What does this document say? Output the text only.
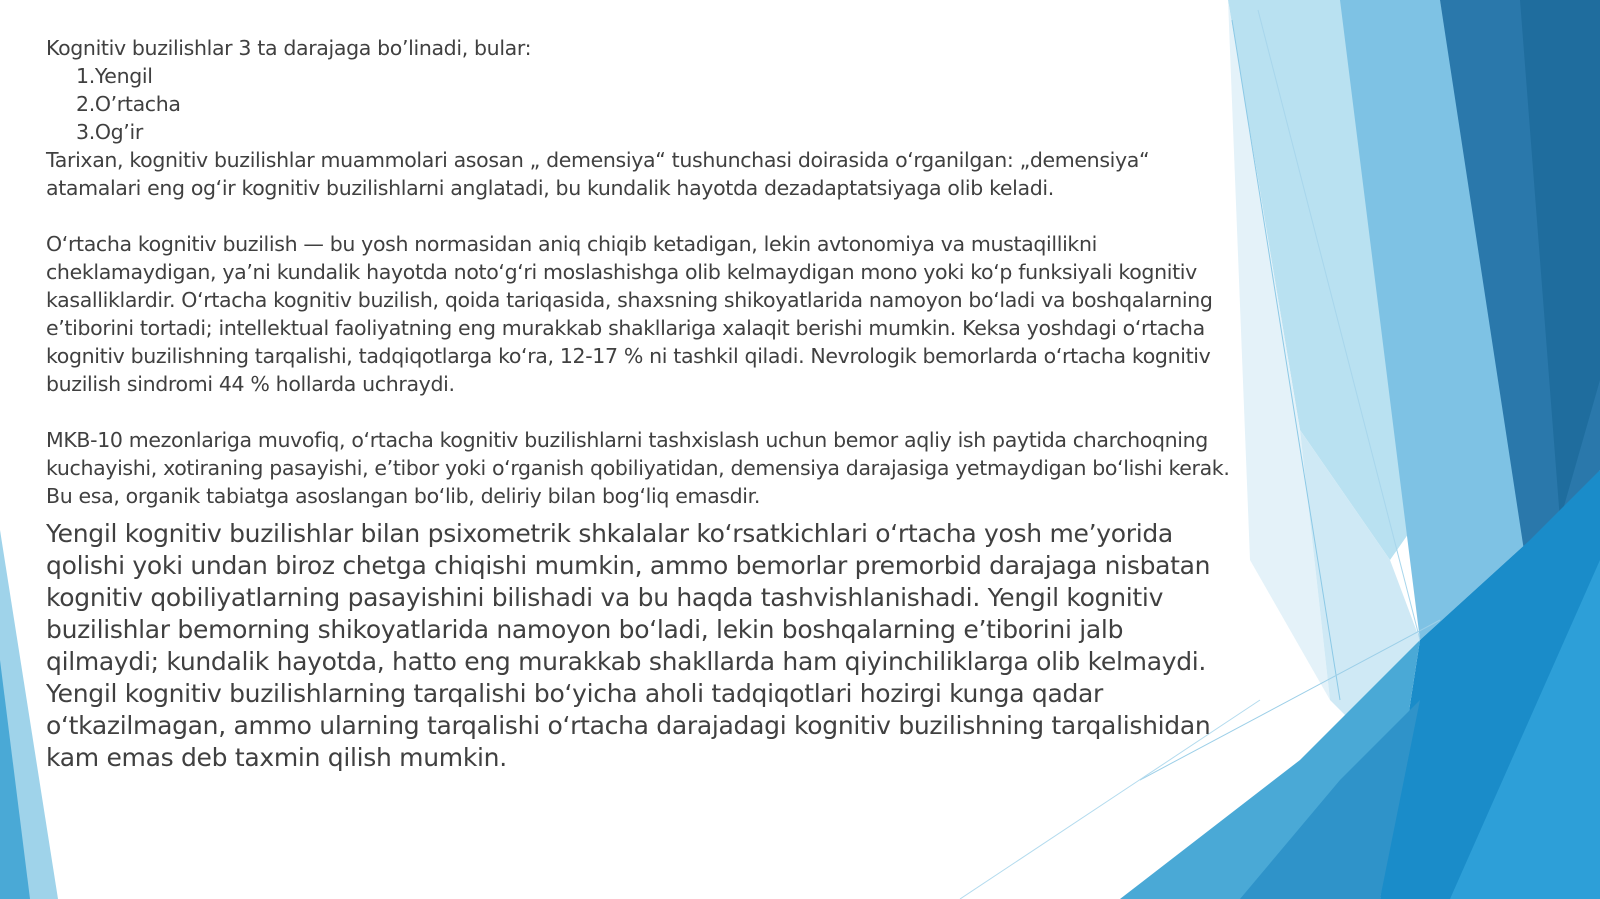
Kognitiv buzilishlar 3 ta darajaga bo’linadi, bular:

1.Yengil

2.O’rtacha

3.Og’ir

Tarixan, kognitiv buzilishlar muammolari asosan „ demensiya“ tushunchasi doirasida o‘rganilgan: „demensiya“ atamalari eng og‘ir kognitiv buzilishlarni anglatadi, bu kundalik hayotda dezadaptatsiyaga olib keladi.

O‘rtacha kognitiv buzilish — bu yosh normasidan aniq chiqib ketadigan, lekin avtonomiya va mustaqillikni cheklamaydigan, ya’ni kundalik hayotda noto‘g‘ri moslashishga olib kelmaydigan mono yoki ko‘p funksiyali kognitiv kasalliklardir. O‘rtacha kognitiv buzilish, qoida tariqasida, shaxsning shikoyatlarida namoyon bo‘ladi va boshqalarning e’tiborini tortadi; intellektual faoliyatning eng murakkab shakllariga xalaqit berishi mumkin. Keksa yoshdagi o‘rtacha kognitiv buzilishning tarqalishi, tadqiqotlarga ko‘ra, 12-17 % ni tashkil qiladi. Nevrologik bemorlarda o‘rtacha kognitiv buzilish sindromi 44 % hollarda uchraydi.

MKB-10 mezonlariga muvofiq, o‘rtacha kognitiv buzilishlarni tashxislash uchun bemor aqliy ish paytida charchoqning kuchayishi, xotiraning pasayishi, e’tibor yoki o‘rganish qobiliyatidan, demensiya darajasiga yetmaydigan bo‘lishi kerak. Bu esa, organik tabiatga asoslangan bo‘lib, deliriy bilan bog‘liq emasdir.

Yengil kognitiv buzilishlar bilan psixometrik shkalalar ko‘rsatkichlari o‘rtacha yosh me’yorida qolishi yoki undan biroz chetga chiqishi mumkin, ammo bemorlar premorbid darajaga nisbatan kognitiv qobiliyatlarning pasayishini bilishadi va bu haqda tashvishlanishadi. Yengil kognitiv buzilishlar bemorning shikoyatlarida namoyon bo‘ladi, lekin boshqalarning e’tiborini jalb qilmaydi; kundalik hayotda, hatto eng murakkab shakllarda ham qiyinchiliklarga olib kelmaydi. Yengil kognitiv buzilishlarning tarqalishi bo‘yicha aholi tadqiqotlari hozirgi kunga qadar o‘tkazilmagan, ammo ularning tarqalishi o‘rtacha darajadagi kognitiv buzilishning tarqalishidan kam emas deb taxmin qilish mumkin.
